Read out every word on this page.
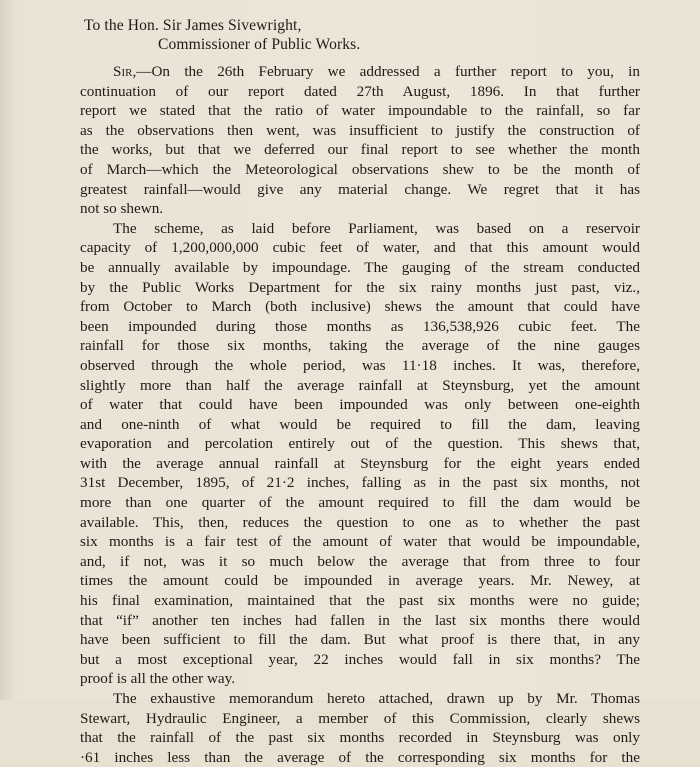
To the Hon. Sir James Sivewright,
Commissioner of Public Works.
Sir,—On the 26th February we addressed a further report to you, in
continuation of our report dated 27th August, 1896. In that further
report we stated that the ratio of water impoundable to the rainfall, so far
as the observations then went, was insufficient to justify the construction of
the works, but that we deferred our final report to see whether the month
of March—which the Meteorological observations shew to be the month of
greatest rainfall—would give any material change. We regret that it has
not so shewn.
The scheme, as laid before Parliament, was based on a reservoir
capacity of 1,200,000,000 cubic feet of water, and that this amount would
be annually available by impoundage. The gauging of the stream conducted
by the Public Works Department for the six rainy months just past, viz.,
from October to March (both inclusive) shews the amount that could have
been impounded during those months as 136,538,926 cubic feet. The
rainfall for those six months, taking the average of the nine gauges
observed through the whole period, was 11·18 inches. It was, therefore,
slightly more than half the average rainfall at Steynsburg, yet the amount
of water that could have been impounded was only between one-eighth
and one-ninth of what would be required to fill the dam, leaving
evaporation and percolation entirely out of the question. This shews that,
with the average annual rainfall at Steynsburg for the eight years ended
31st December, 1895, of 21·2 inches, falling as in the past six months, not
more than one quarter of the amount required to fill the dam would be
available. This, then, reduces the question to one as to whether the past
six months is a fair test of the amount of water that would be impoundable,
and, if not, was it so much below the average that from three to four
times the amount could be impounded in average years. Mr. Newey, at
his final examination, maintained that the past six months were no guide;
that “if” another ten inches had fallen in the last six months there would
have been sufficient to fill the dam. But what proof is there that, in any
but a most exceptional year, 22 inches would fall in six months? The
proof is all the other way.
The exhaustive memorandum hereto attached, drawn up by Mr. Thomas
Stewart, Hydraulic Engineer, a member of this Commission, clearly shews
that the rainfall of the past six months recorded in Steynsburg was only
·61 inches less than the average of the corresponding six months for the
